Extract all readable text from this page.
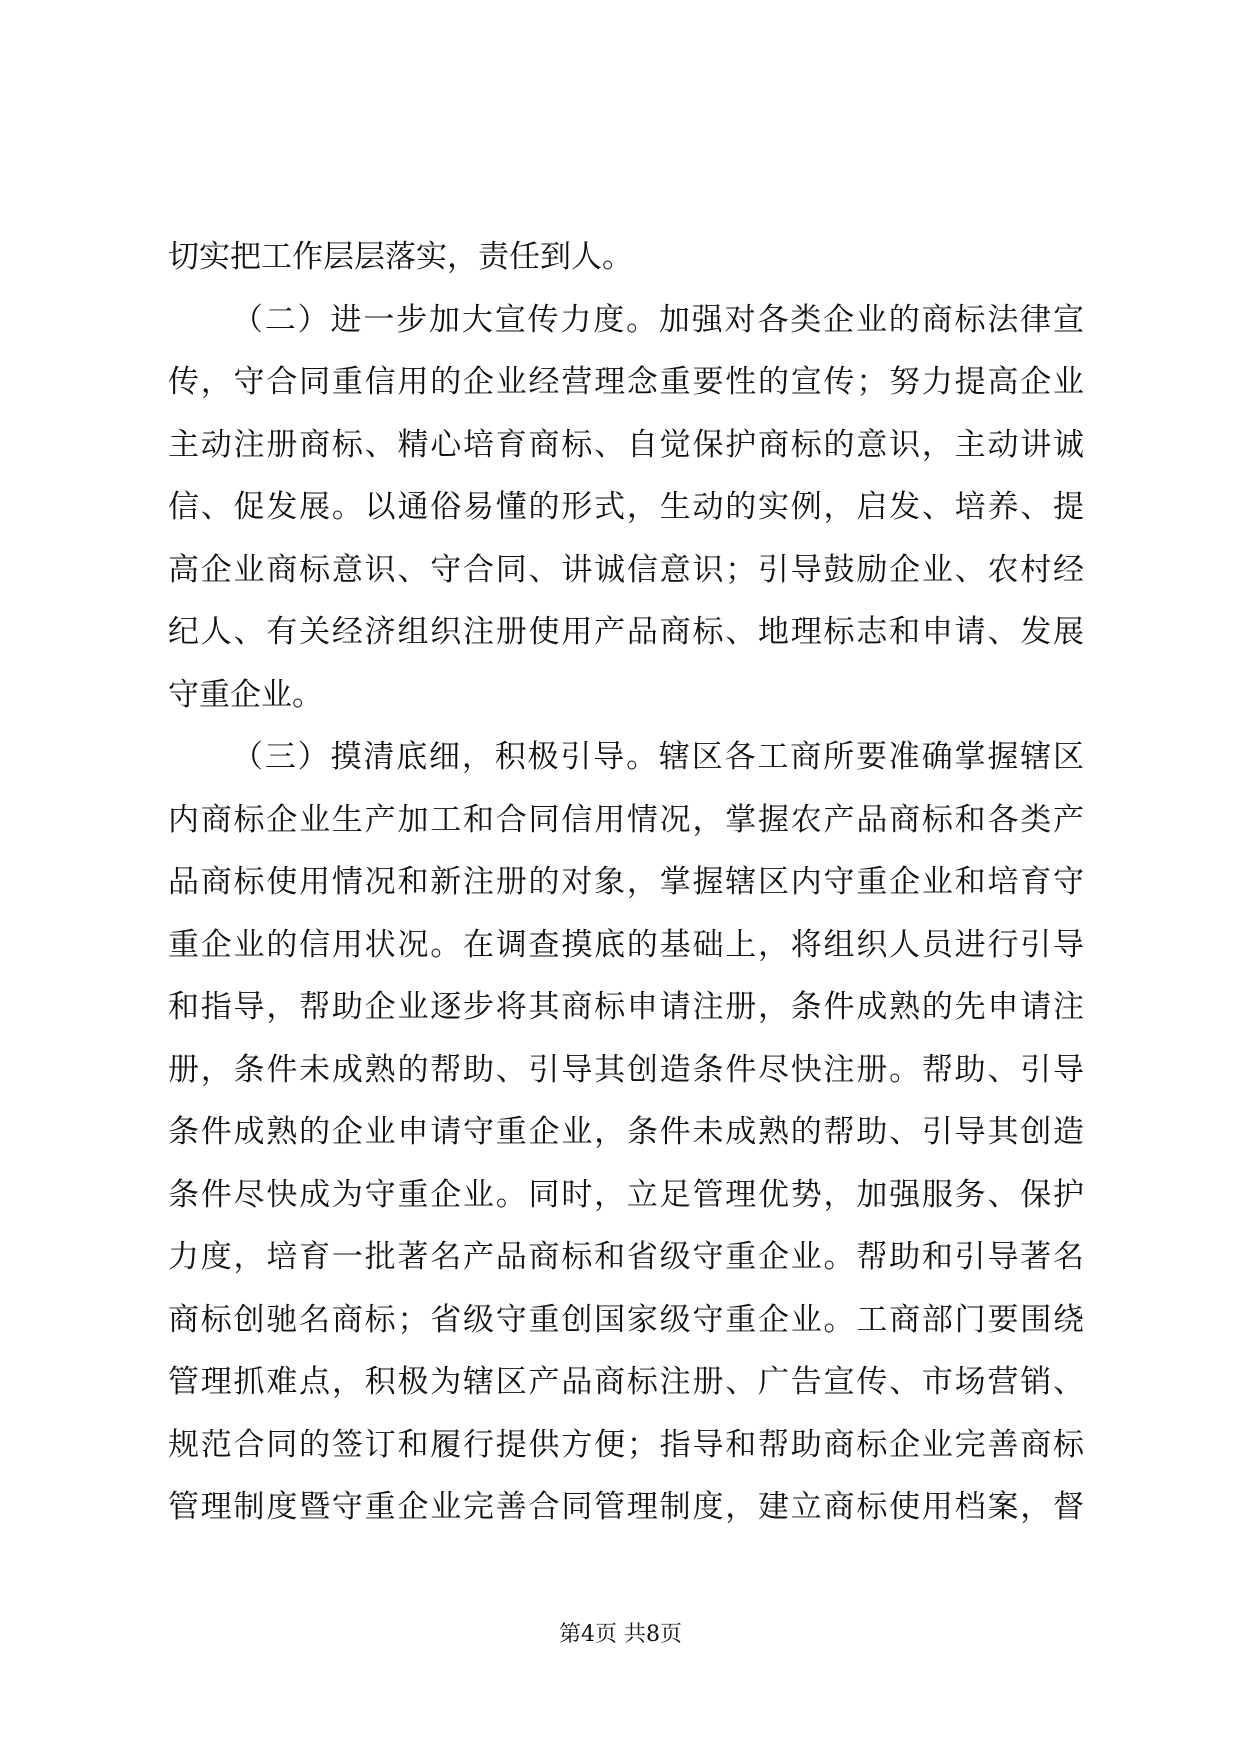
切实把工作层层落实，责任到人。
（二）进一步加大宣传力度。加强对各类企业的商标法律宣
传，守合同重信用的企业经营理念重要性的宣传；努力提高企业
主动注册商标、精心培育商标、自觉保护商标的意识，主动讲诚
信、促发展。以通俗易懂的形式，生动的实例，启发、培养、提
高企业商标意识、守合同、讲诚信意识；引导鼓励企业、农村经
纪人、有关经济组织注册使用产品商标、地理标志和申请、发展
守重企业。
（三）摸清底细，积极引导。辖区各工商所要准确掌握辖区
内商标企业生产加工和合同信用情况，掌握农产品商标和各类产
品商标使用情况和新注册的对象，掌握辖区内守重企业和培育守
重企业的信用状况。在调查摸底的基础上，将组织人员进行引导
和指导，帮助企业逐步将其商标申请注册，条件成熟的先申请注
册，条件未成熟的帮助、引导其创造条件尽快注册。帮助、引导
条件成熟的企业申请守重企业，条件未成熟的帮助、引导其创造
条件尽快成为守重企业。同时，立足管理优势，加强服务、保护
力度，培育一批著名产品商标和省级守重企业。帮助和引导著名
商标创驰名商标；省级守重创国家级守重企业。工商部门要围绕
管理抓难点，积极为辖区产品商标注册、广告宣传、市场营销、
规范合同的签订和履行提供方便；指导和帮助商标企业完善商标
管理制度暨守重企业完善合同管理制度，建立商标使用档案，督
第4页 共8页
